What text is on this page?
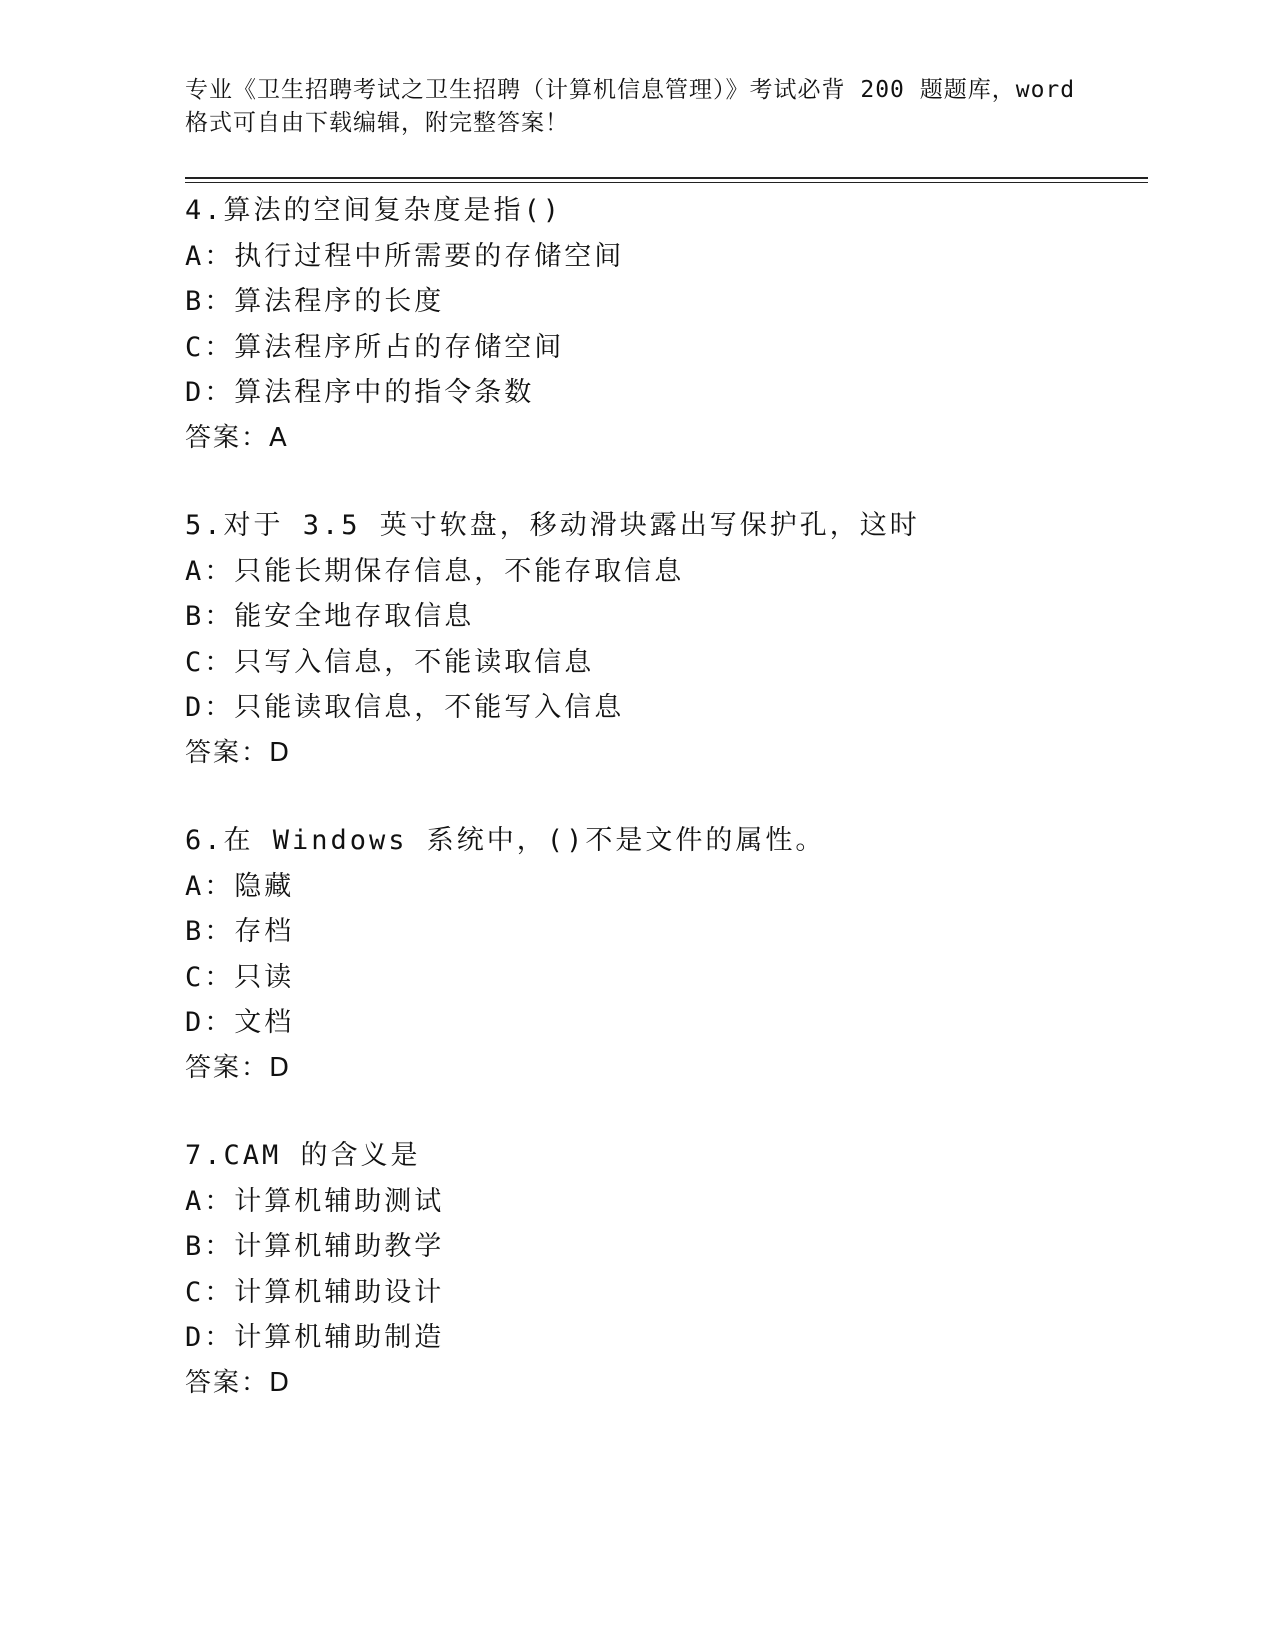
专业《卫生招聘考试之卫生招聘（计算机信息管理）》考试必背 200 题题库，word
格式可自由下载编辑，附完整答案！
4.算法的空间复杂度是指()
A：执行过程中所需要的存储空间
B：算法程序的长度
C：算法程序所占的存储空间
D：算法程序中的指令条数
答案：A
5.对于 3.5 英寸软盘，移动滑块露出写保护孔，这时
A：只能长期保存信息，不能存取信息
B：能安全地存取信息
C：只写入信息，不能读取信息
D：只能读取信息，不能写入信息
答案：D
6.在 Windows 系统中，()不是文件的属性。
A：隐藏
B：存档
C：只读
D：文档
答案：D
7.CAM 的含义是
A：计算机辅助测试
B：计算机辅助教学
C：计算机辅助设计
D：计算机辅助制造
答案：D
